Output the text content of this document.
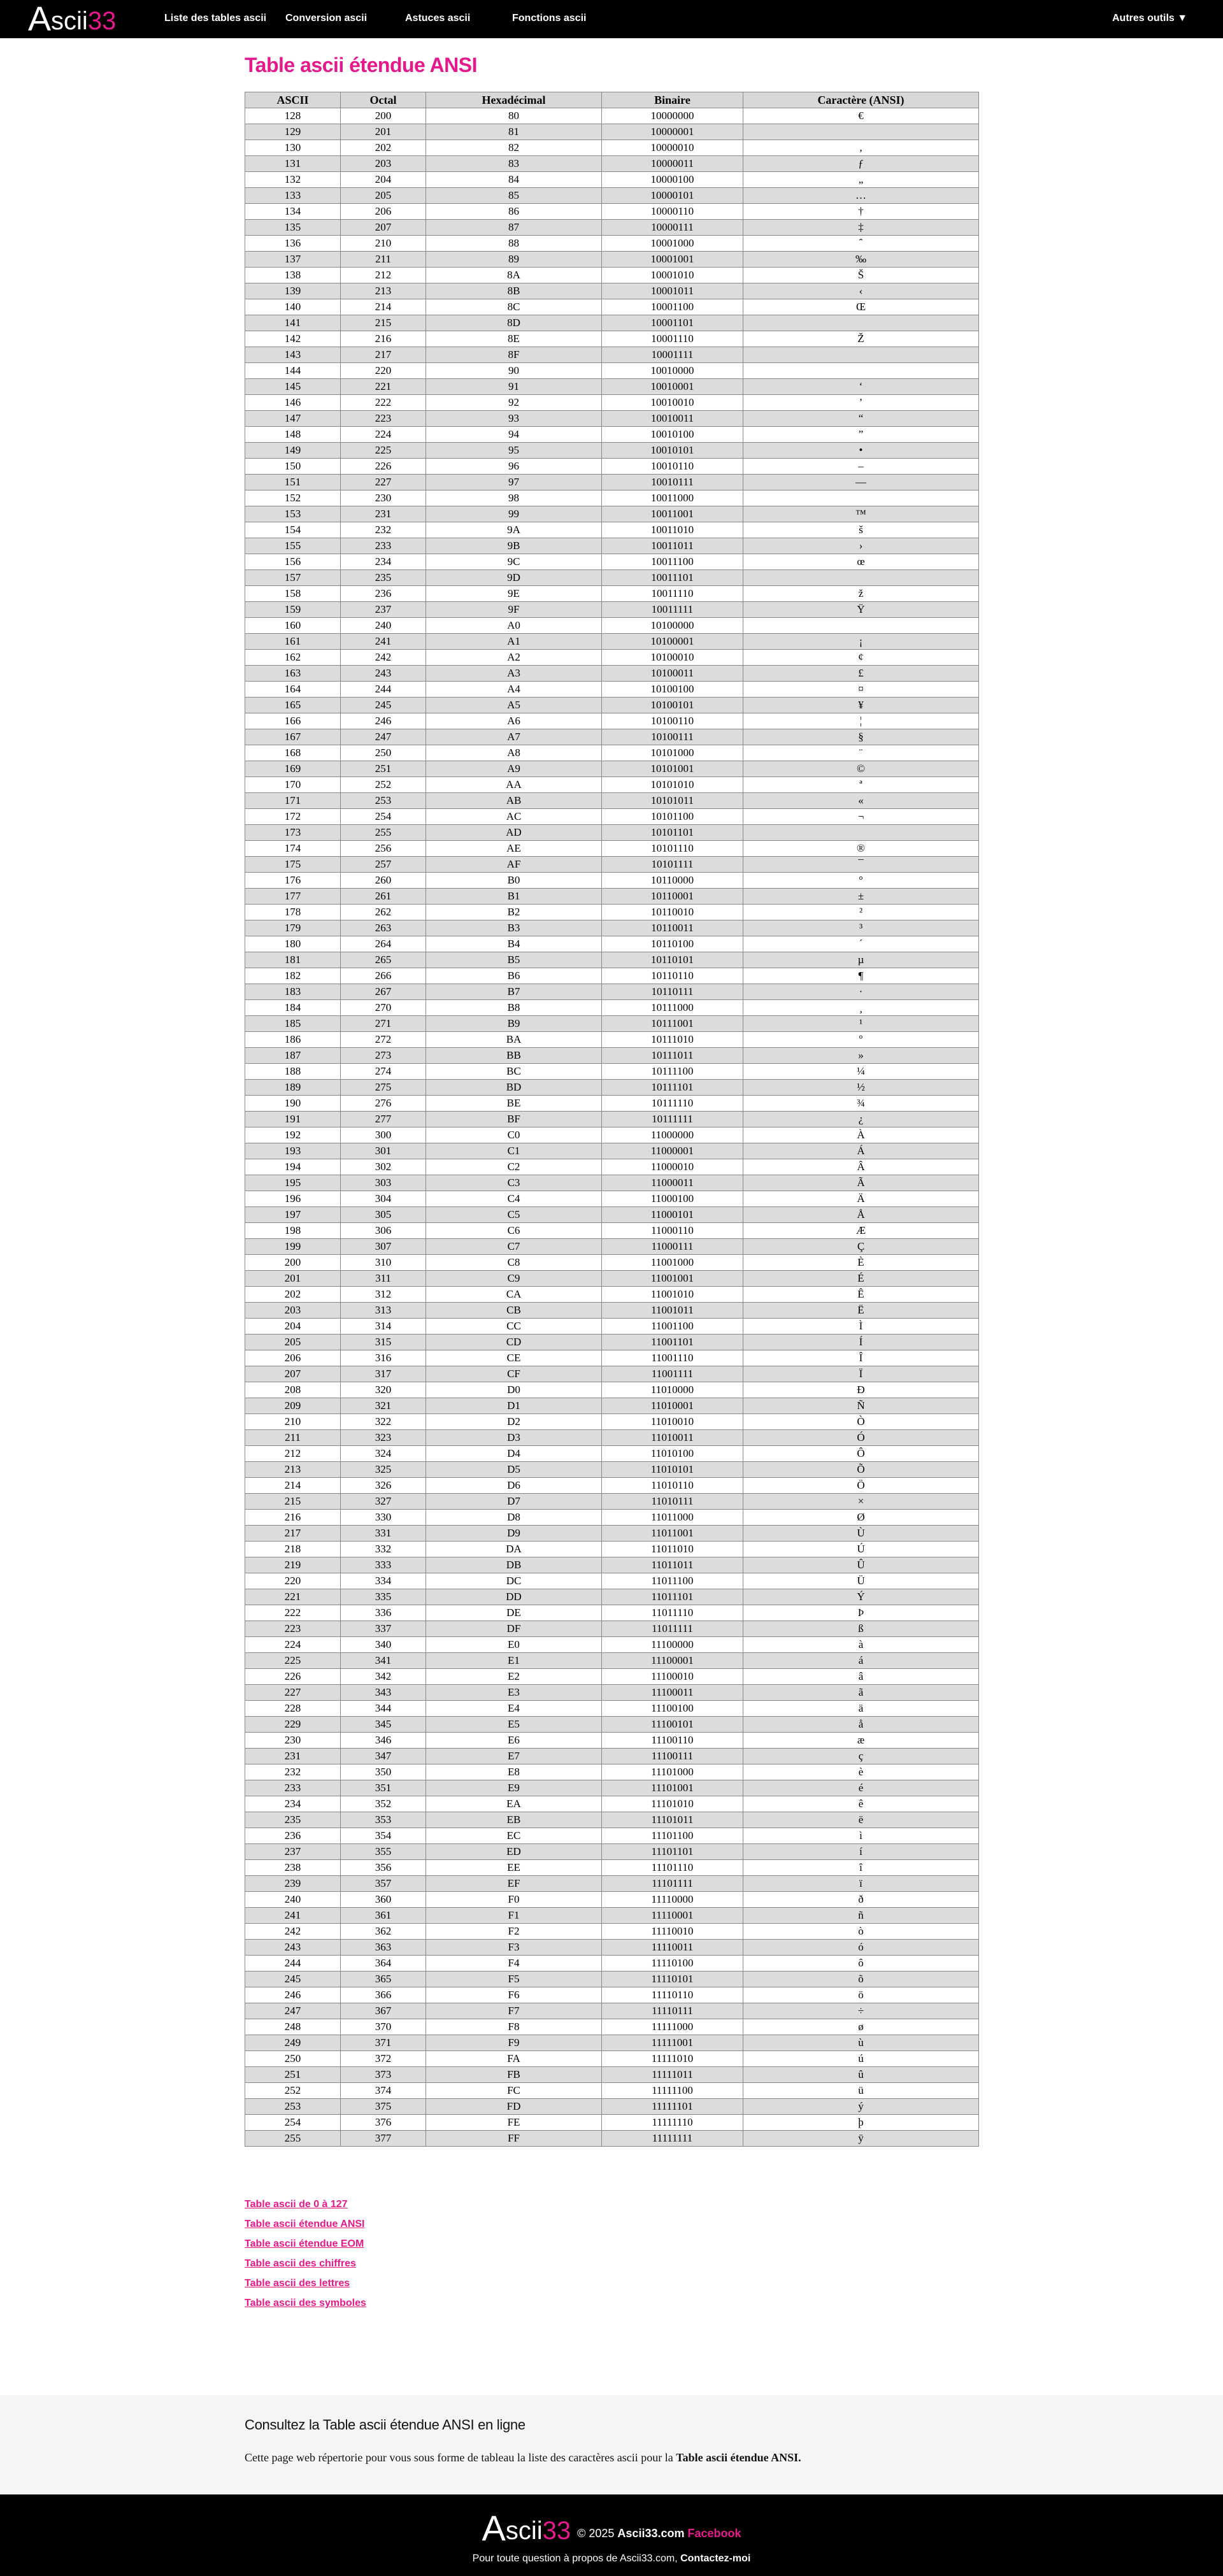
A scii 33	Liste des tables ascii Conversion ascii	Astuces ascii	Fonctions ascii	Autres outils ▼
Table ascii étendue ANSI
ASCII	Octal	Hexadécimal	Binaire	Caractère (ANSI)
128	200	80	10000000	€
129	201	81	10000001	
130	202	82	10000010	‚
131	203	83	10000011	ƒ
132	204	84	10000100	„
133	205	85	10000101	…
134	206	86	10000110	†
135	207	87	10000111	‡
136	210	88	10001000	ˆ
137	211	89	10001001	‰
138	212	8A	10001010	Š
139	213	8B	10001011	‹
140	214	8C	10001100	Œ
141	215	8D	10001101	
142	216	8E	10001110	Ž
143	217	8F	10001111	
144	220	90	10010000	
145	221	91	10010001	‘
146	222	92	10010010	’
147	223	93	10010011	“
148	224	94	10010100	”
149	225	95	10010101	•
150	226	96	10010110	–
151	227	97	10010111	—
152	230	98	10011000	
153	231	99	10011001	™
154	232	9A	10011010	š
155	233	9B	10011011	›
156	234	9C	10011100	œ
157	235	9D	10011101	
158	236	9E	10011110	ž
159	237	9F	10011111	Ÿ
160	240	A0	10100000	
161	241	A1	10100001	¡
162	242	A2	10100010	¢
163	243	A3	10100011	£
164	244	A4	10100100	¤
165	245	A5	10100101	¥
166	246	A6	10100110	¦
167	247	A7	10100111	§
168	250	A8	10101000	¨
169	251	A9	10101001	©
170	252	AA	10101010	ª
171	253	AB	10101011	«
172	254	AC	10101100	¬
173	255	AD	10101101	
174	256	AE	10101110	®
175	257	AF	10101111	¯
176	260	B0	10110000	°
177	261	B1	10110001	±
178	262	B2	10110010	²
179	263	B3	10110011	³
180	264	B4	10110100	´
181	265	B5	10110101	µ
182	266	B6	10110110	¶
183	267	B7	10110111	·
184	270	B8	10111000	¸
185	271	B9	10111001	¹
186	272	BA	10111010	º
187	273	BB	10111011	»
188	274	BC	10111100	¼
189	275	BD	10111101	½
190	276	BE	10111110	¾
191	277	BF	10111111	¿
192	300	C0	11000000	À
193	301	C1	11000001	Á
194	302	C2	11000010	Â
195	303	C3	11000011	Ã
196	304	C4	11000100	Ä
197	305	C5	11000101	Å
198	306	C6	11000110	Æ
199	307	C7	11000111	Ç
200	310	C8	11001000	È
201	311	C9	11001001	É
202	312	CA	11001010	Ê
203	313	CB	11001011	Ë
204	314	CC	11001100	Ì
205	315	CD	11001101	Í
206	316	CE	11001110	Î
207	317	CF	11001111	Ï
208	320	D0	11010000	Ð
209	321	D1	11010001	Ñ
210	322	D2	11010010	Ò
211	323	D3	11010011	Ó
212	324	D4	11010100	Ô
213	325	D5	11010101	Õ
214	326	D6	11010110	Ö
215	327	D7	11010111	×
216	330	D8	11011000	Ø
217	331	D9	11011001	Ù
218	332	DA	11011010	Ú
219	333	DB	11011011	Û
220	334	DC	11011100	Ü
221	335	DD	11011101	Ý
222	336	DE	11011110	Þ
223	337	DF	11011111	ß
224	340	E0	11100000	à
225	341	E1	11100001	á
226	342	E2	11100010	â
227	343	E3	11100011	ã
228	344	E4	11100100	ä
229	345	E5	11100101	å
230	346	E6	11100110	æ
231	347	E7	11100111	ç
232	350	E8	11101000	è
233	351	E9	11101001	é
234	352	EA	11101010	ê
235	353	EB	11101011	ë
236	354	EC	11101100	ì
237	355	ED	11101101	í
238	356	EE	11101110	î
239	357	EF	11101111	ï
240	360	F0	11110000	ð
241	361	F1	11110001	ñ
242	362	F2	11110010	ò
243	363	F3	11110011	ó
244	364	F4	11110100	ô
245	365	F5	11110101	õ
246	366	F6	11110110	ö
247	367	F7	11110111	÷
248	370	F8	11111000	ø
249	371	F9	11111001	ù
250	372	FA	11111010	ú
251	373	FB	11111011	û
252	374	FC	11111100	ü
253	375	FD	11111101	ý
254	376	FE	11111110	þ
255	377	FF	11111111	ÿ
Table ascii de 0 à 127
Table ascii étendue ANSI
Table ascii étendue EOM
Table ascii des chiffres
Table ascii des lettres
Table ascii des symboles
Consultez la Table ascii étendue ANSI en ligne

Cette page web répertorie pour vous sous forme de tableau la liste des caractères ascii pour la Table ascii étendue ANSI.

A scii 33 © 2025 Ascii33.com Facebook
Pour toute question à propos de Ascii33.com, Contactez-moi
